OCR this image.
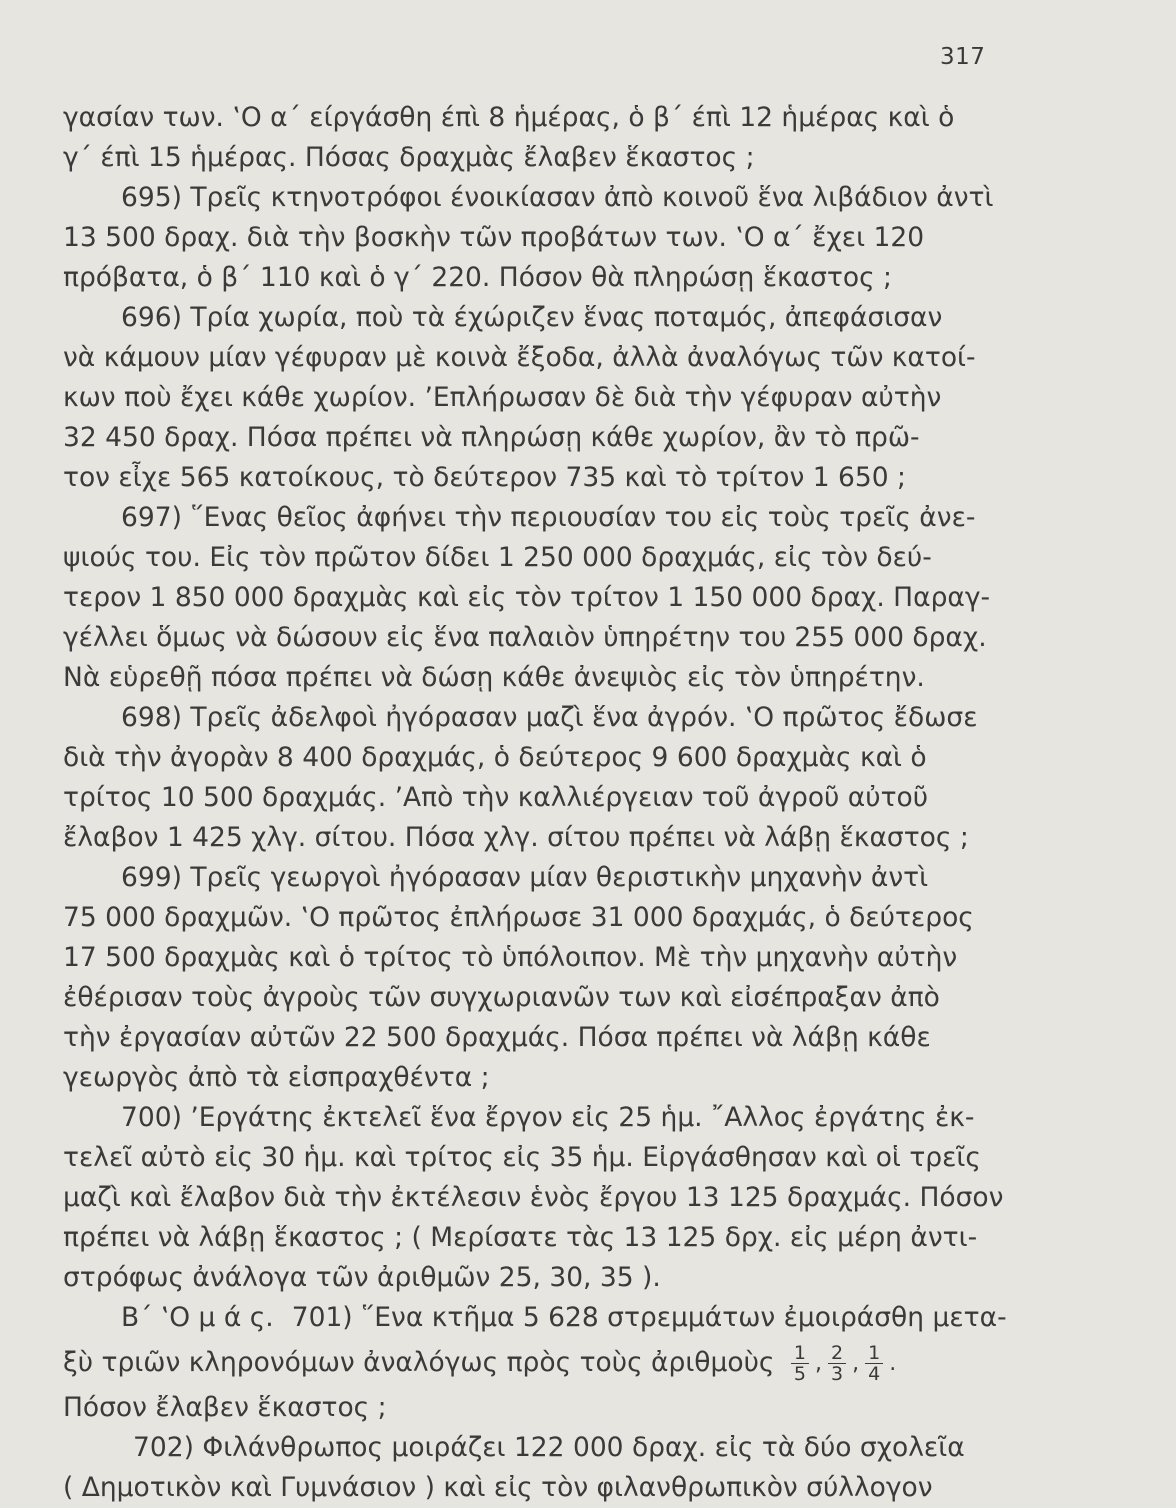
317
γασίαν των. ‛Ο α΄ είργάσθη έπὶ 8 ἡμέρας, ὁ β΄ έπὶ 12 ἡμέρας καὶ ὁ
γ΄ έπὶ 15 ἡμέρας. Πόσας δραχμὰς ἔλαβεν ἕκαστος ;
695) Τρεῖς κτηνοτρόφοι ένοικίασαν ἀπὸ κοινοῦ ἕνα λιβάδιον ἀντὶ
13 500 δραχ. διὰ τὴν βοσκὴν τῶν προβάτων των. ‛Ο α΄ ἔχει 120
πρόβατα, ὁ β΄ 110 καὶ ὁ γ΄ 220. Πόσον θὰ πληρώσῃ ἕκαστος ;
696) Τρία χωρία, ποὺ τὰ έχώριζεν ἕνας ποταμός, ἀπεφάσισαν
νὰ κάμουν μίαν γέφυραν μὲ κοινὰ ἔξοδα, ἀλλὰ ἀναλόγως τῶν κατοί-
κων ποὺ ἔχει κάθε χωρίον. ’Επλήρωσαν δὲ διὰ τὴν γέφυραν αὐτὴν
32 450 δραχ. Πόσα πρέπει νὰ πληρώσῃ κάθε χωρίον, ἂν τὸ πρῶ-
τον εἶχε 565 κατοίκους, τὸ δεύτερον 735 καὶ τὸ τρίτον 1 650 ;
697) ῞Ενας θεῖος ἀφήνει τὴν περιουσίαν του εἰς τοὺς τρεῖς ἀνε-
ψιούς του. Εἰς τὸν πρῶτον δίδει 1 250 000 δραχμάς, εἰς τὸν δεύ-
τερον 1 850 000 δραχμὰς καὶ εἰς τὸν τρίτον 1 150 000 δραχ. Παραγ-
γέλλει ὅμως νὰ δώσουν εἰς ἕνα παλαιὸν ὑπηρέτην του 255 000 δραχ.
Νὰ εὑρεθῇ πόσα πρέπει νὰ δώσῃ κάθε ἀνεψιὸς εἰς τὸν ὑπηρέτην.
698) Τρεῖς ἀδελφοὶ ἠγόρασαν μαζὶ ἕνα ἀγρόν. ‛Ο πρῶτος ἔδωσε
διὰ τὴν ἀγορὰν 8 400 δραχμάς, ὁ δεύτερος 9 600 δραχμὰς καὶ ὁ
τρίτος 10 500 δραχμάς. ’Απὸ τὴν καλλιέργειαν τοῦ ἀγροῦ αὐτοῦ
ἔλαβον 1 425 χλγ. σίτου. Πόσα χλγ. σίτου πρέπει νὰ λάβῃ ἕκαστος ;
699) Τρεῖς γεωργοὶ ἠγόρασαν μίαν θεριστικὴν μηχανὴν ἀντὶ
75 000 δραχμῶν. ‛Ο πρῶτος ἐπλήρωσε 31 000 δραχμάς, ὁ δεύτερος
17 500 δραχμὰς καὶ ὁ τρίτος τὸ ὑπόλοιπον. Μὲ τὴν μηχανὴν αὐτὴν
ἐθέρισαν τοὺς ἀγροὺς τῶν συγχωριανῶν των καὶ εἰσέπραξαν ἀπὸ
τὴν ἐργασίαν αὐτῶν 22 500 δραχμάς. Πόσα πρέπει νὰ λάβῃ κάθε
γεωργὸς ἀπὸ τὰ εἰσπραχθέντα ;
700) ’Εργάτης ἐκτελεῖ ἕνα ἔργον εἰς 25 ἡμ. ῎Αλλος ἐργάτης ἐκ-
τελεῖ αὐτὸ εἰς 30 ἡμ. καὶ τρίτος εἰς 35 ἡμ. Εἰργάσθησαν καὶ οἱ τρεῖς
μαζὶ καὶ ἔλαβον διὰ τὴν ἐκτέλεσιν ἑνὸς ἔργου 13 125 δραχμάς. Πόσον
πρέπει νὰ λάβῃ ἕκαστος ; ( Μερίσατε τὰς 13 125 δρχ. εἰς μέρη ἀντι-
στρόφως ἀνάλογα τῶν ἀριθμῶν 25, 30, 35 ).
Β΄ ‛Ο μ ά ς. 701) ῞Ενα κτῆμα 5 628 στρεμμάτων ἐμοιράσθη μετα-
ξὺ τριῶν κληρονόμων ἀναλόγως πρὸς τοὺς ἀριθμοὺς $\frac{1}{5}$ , $\frac{2}{3}$ , $\frac{1}{4}$ .
Πόσον ἔλαβεν ἕκαστος ;
702) Φιλάνθρωπος μοιράζει 122 000 δραχ. εἰς τὰ δύο σχολεῖα
( Δημοτικὸν καὶ Γυμνάσιον ) καὶ εἰς τὸν φιλανθρωπικὸν σύλλογον
